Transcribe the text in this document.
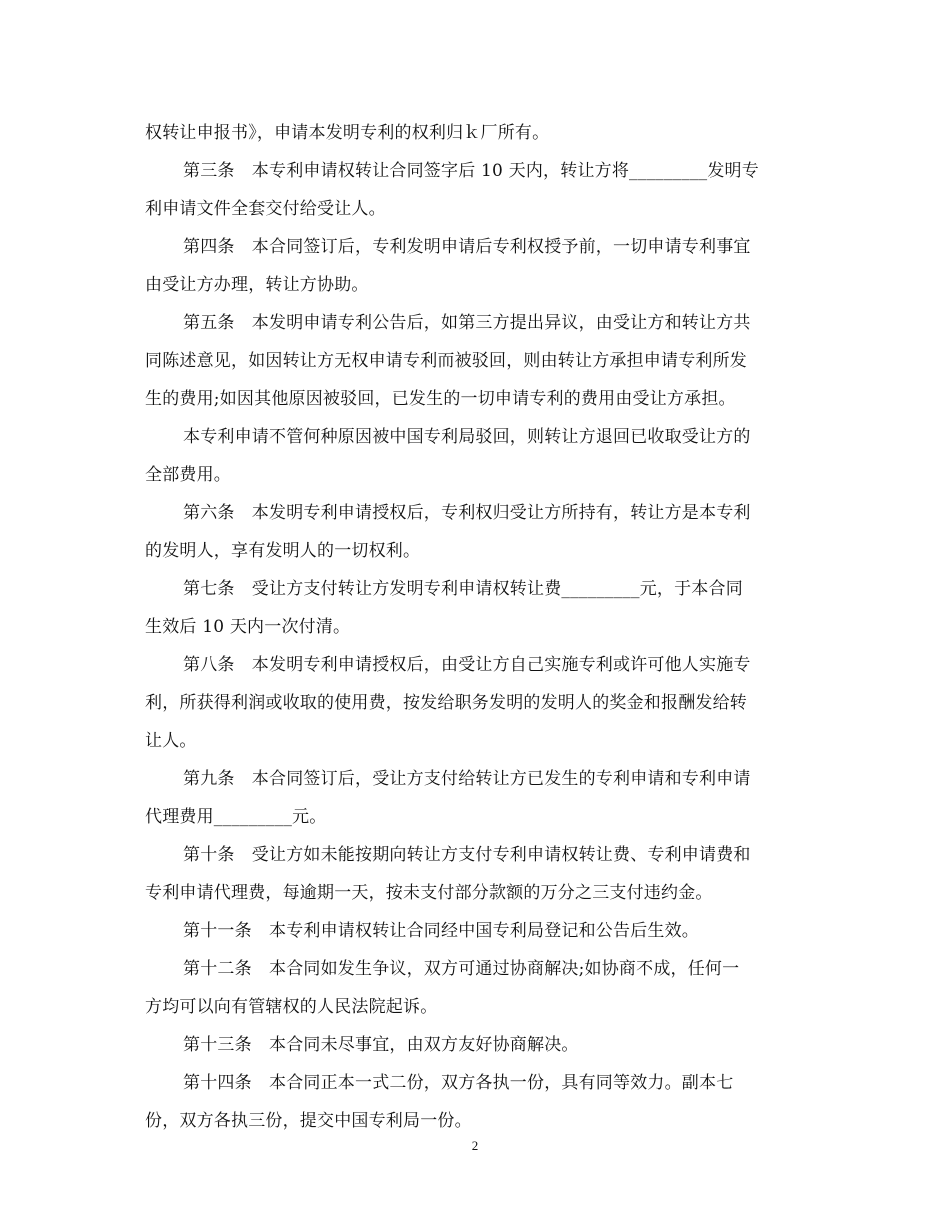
权转让申报书》，申请本发明专利的权利归ｋ厂所有。
第三条　本专利申请权转让合同签字后 10 天内，转让方将_________发明专
利申请文件全套交付给受让人。
第四条　本合同签订后，专利发明申请后专利权授予前，一切申请专利事宜
由受让方办理，转让方协助。
第五条　本发明申请专利公告后，如第三方提出异议，由受让方和转让方共
同陈述意见，如因转让方无权申请专利而被驳回，则由转让方承担申请专利所发
生的费用;如因其他原因被驳回，已发生的一切申请专利的费用由受让方承担。
本专利申请不管何种原因被中国专利局驳回，则转让方退回已收取受让方的
全部费用。
第六条　本发明专利申请授权后，专利权归受让方所持有，转让方是本专利
的发明人，享有发明人的一切权利。
第七条　受让方支付转让方发明专利申请权转让费_________元，于本合同
生效后 10 天内一次付清。
第八条　本发明专利申请授权后，由受让方自己实施专利或许可他人实施专
利，所获得利润或收取的使用费，按发给职务发明的发明人的奖金和报酬发给转
让人。
第九条　本合同签订后，受让方支付给转让方已发生的专利申请和专利申请
代理费用_________元。
第十条　受让方如未能按期向转让方支付专利申请权转让费、专利申请费和
专利申请代理费，每逾期一天，按未支付部分款额的万分之三支付违约金。
第十一条　本专利申请权转让合同经中国专利局登记和公告后生效。
第十二条　本合同如发生争议，双方可通过协商解决;如协商不成，任何一
方均可以向有管辖权的人民法院起诉。
第十三条　本合同未尽事宜，由双方友好协商解决。
第十四条　本合同正本一式二份，双方各执一份，具有同等效力。副本七
份，双方各执三份，提交中国专利局一份。
2
